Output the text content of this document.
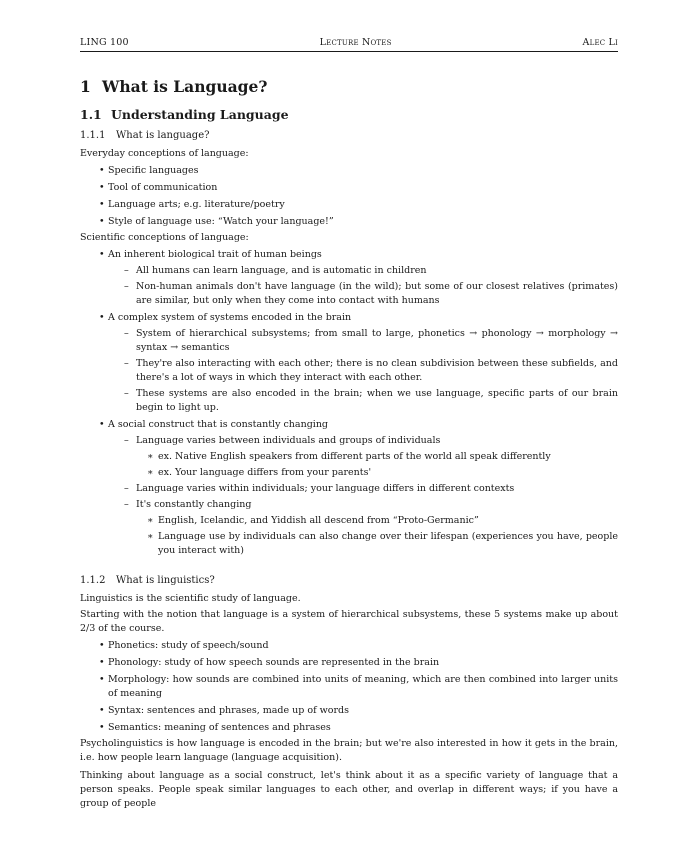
LING 100	Lecture Notes	Alec Li
1 What is Language?
1.1 Understanding Language
1.1.1 What is language?

Everyday conceptions of language:

• Specific languages
• Tool of communication
• Language arts; e.g. literature/poetry
• Style of language use: “Watch your language!”

Scientific conceptions of language:

• An inherent biological trait of human beings
– All humans can learn language, and is automatic in children
– Non-human animals don't have language (in the wild); but some of our closest relatives (primates) are similar, but only when they come into contact with humans
• A complex system of systems encoded in the brain
– System of hierarchical subsystems; from small to large, phonetics → phonology → morphology → syntax → semantics
– They're also interacting with each other; there is no clean subdivision between these subfields, and there's a lot of ways in which they interact with each other.
– These systems are also encoded in the brain; when we use language, specific parts of our brain begin to light up.
• A social construct that is constantly changing
– Language varies between individuals and groups of individuals
∗ ex. Native English speakers from different parts of the world all speak differently
∗ ex. Your language differs from your parents'
– Language varies within individuals; your language differs in different contexts
– It's constantly changing
∗ English, Icelandic, and Yiddish all descend from “Proto-Germanic”
∗ Language use by individuals can also change over their lifespan (experiences you have, people you interact with)
1.1.2 What is linguistics?

Linguistics is the scientific study of language.

Starting with the notion that language is a system of hierarchical subsystems, these 5 systems make up about 2/3 of the course.

• Phonetics: study of speech/sound
• Phonology: study of how speech sounds are represented in the brain
• Morphology: how sounds are combined into units of meaning, which are then combined into larger units of meaning
• Syntax: sentences and phrases, made up of words
• Semantics: meaning of sentences and phrases

Psycholinguistics is how language is encoded in the brain; but we're also interested in how it gets in the brain, i.e. how people learn language (language acquisition).

Thinking about language as a social construct, let's think about it as a specific variety of language that a person speaks. People speak similar languages to each other, and overlap in different ways; if you have a group of people
